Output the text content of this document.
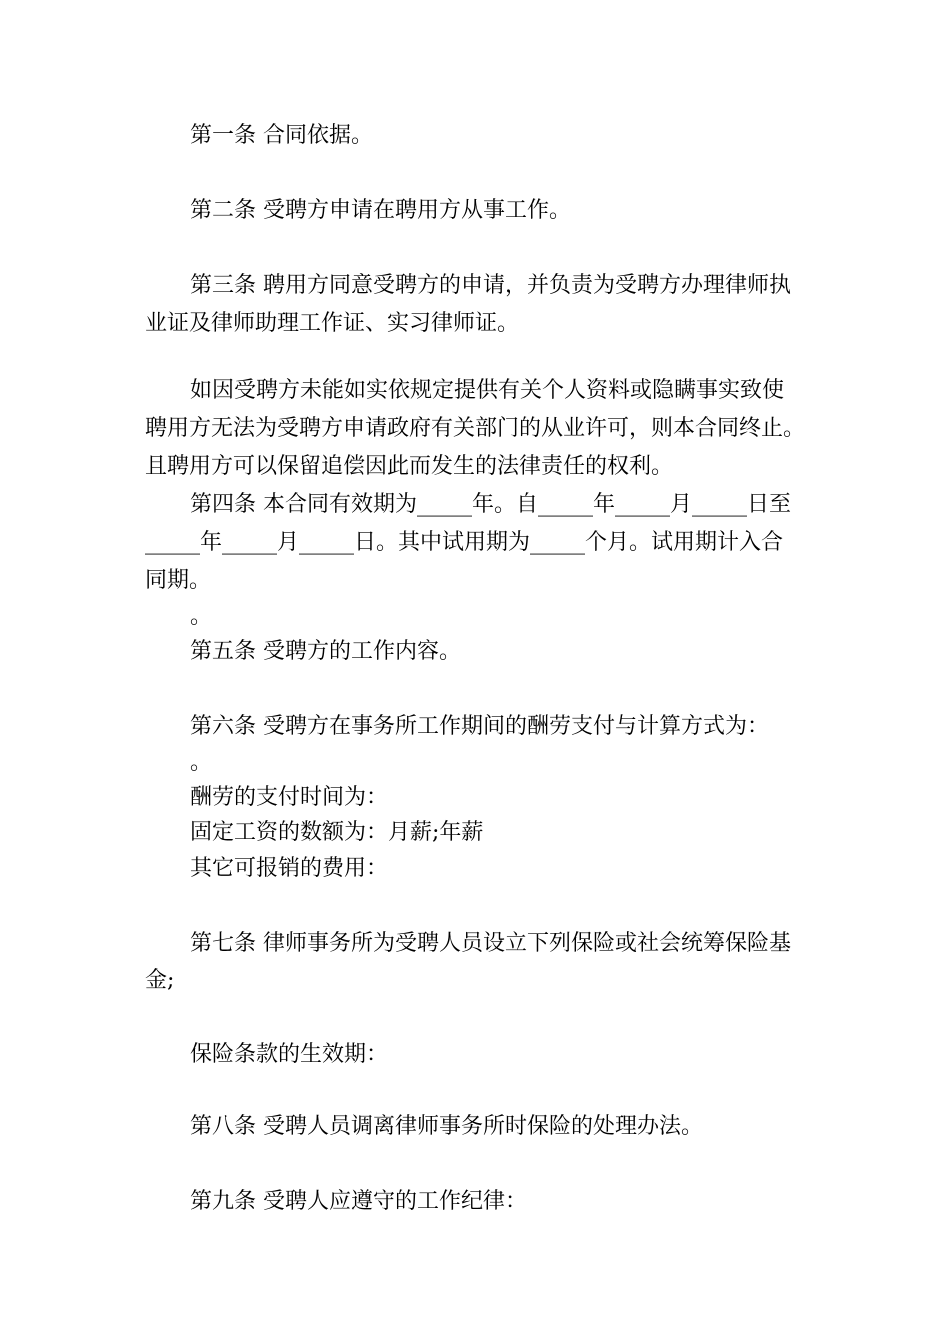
第一条 合同依据。
第二条 受聘方申请在聘用方从事工作。
第三条 聘用方同意受聘方的申请，并负责为受聘方办理律师执
业证及律师助理工作证、实习律师证。
如因受聘方未能如实依规定提供有关个人资料或隐瞒事实致使
聘用方无法为受聘方申请政府有关部门的从业许可，则本合同终止。
且聘用方可以保留追偿因此而发生的法律责任的权利。
第四条 本合同有效期为_____年。自_____年_____月_____日至
_____年_____月_____日。其中试用期为_____个月。试用期计入合
同期。
。
第五条 受聘方的工作内容。
第六条 受聘方在事务所工作期间的酬劳支付与计算方式为：
。
酬劳的支付时间为：
固定工资的数额为：月薪;年薪
其它可报销的费用：
第七条 律师事务所为受聘人员设立下列保险或社会统筹保险基
金;
保险条款的生效期：
第八条 受聘人员调离律师事务所时保险的处理办法。
第九条 受聘人应遵守的工作纪律：
